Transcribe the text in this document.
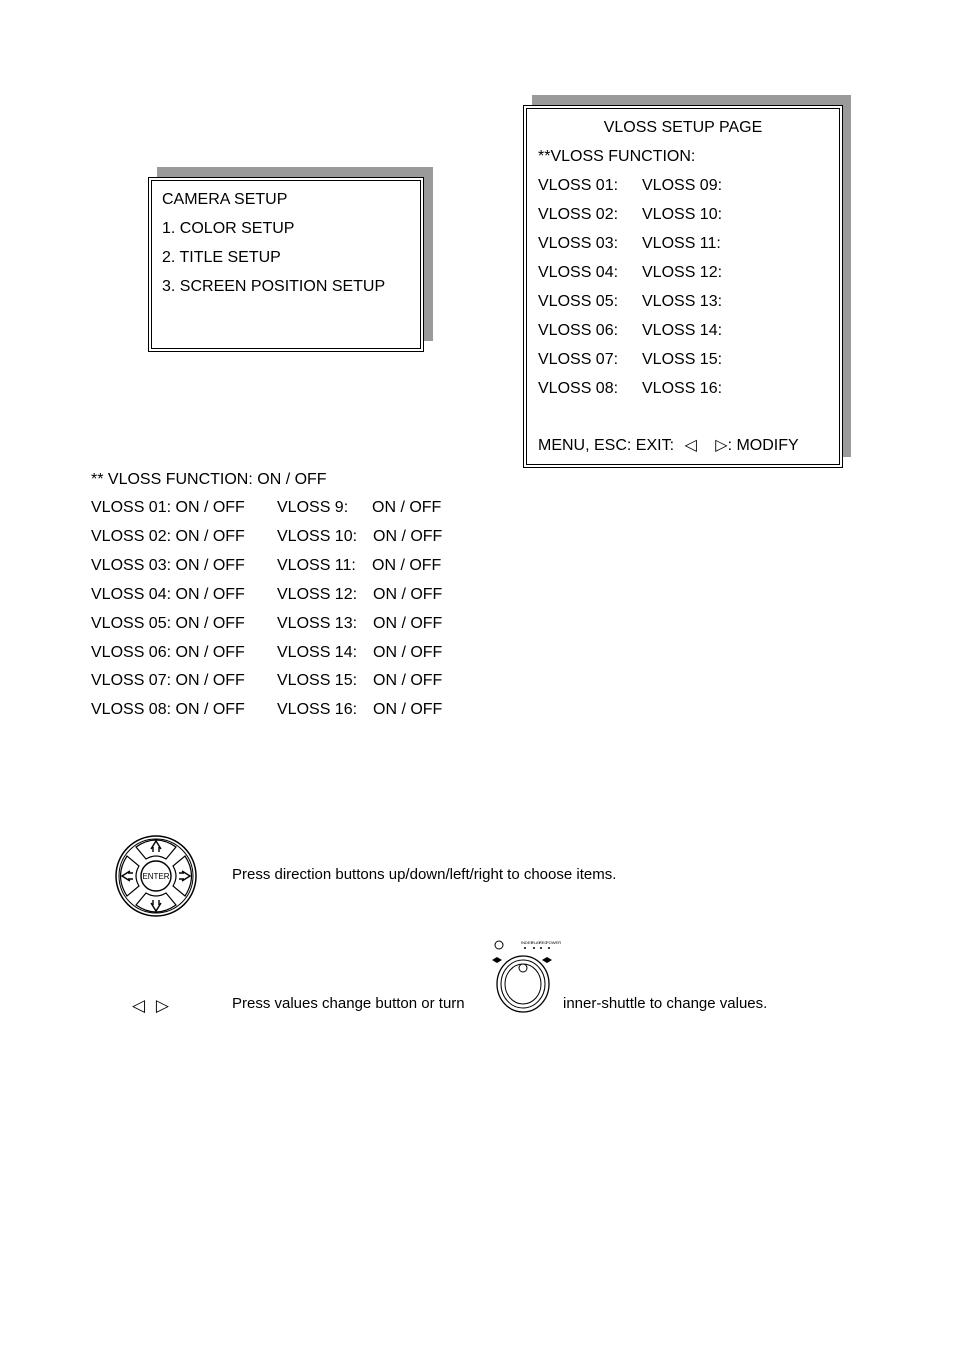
CAMERA SETUP
1. COLOR SETUP
2. TITLE SETUP
3. SCREEN POSITION SETUP
VLOSS SETUP PAGE
**VLOSS FUNCTION:
VLOSS 01: VLOSS 09:
VLOSS 02: VLOSS 10:
VLOSS 03: VLOSS 11:
VLOSS 04: VLOSS 12:
VLOSS 05: VLOSS 13:
VLOSS 06: VLOSS 14:
VLOSS 07: VLOSS 15:
VLOSS 08: VLOSS 16:
MENU, ESC: EXIT: ◁ ▷: MODIFY
** VLOSS FUNCTION: ON / OFF
VLOSS 01: ON / OFF VLOSS 9: ON / OFF
VLOSS 02: ON / OFF VLOSS 10: ON / OFF
VLOSS 03: ON / OFF VLOSS 11: ON / OFF
VLOSS 04: ON / OFF VLOSS 12: ON / OFF
VLOSS 05: ON / OFF VLOSS 13: ON / OFF
VLOSS 06: ON / OFF VLOSS 14: ON / OFF
VLOSS 07: ON / OFF VLOSS 15: ON / OFF
VLOSS 08: ON / OFF VLOSS 16: ON / OFF
ENTER	Press direction buttons up/down/left/right to choose items.
◁  ▷	Press values change button or turn
INDEX
PLAY
REC
POWER
inner-shuttle to change values.
